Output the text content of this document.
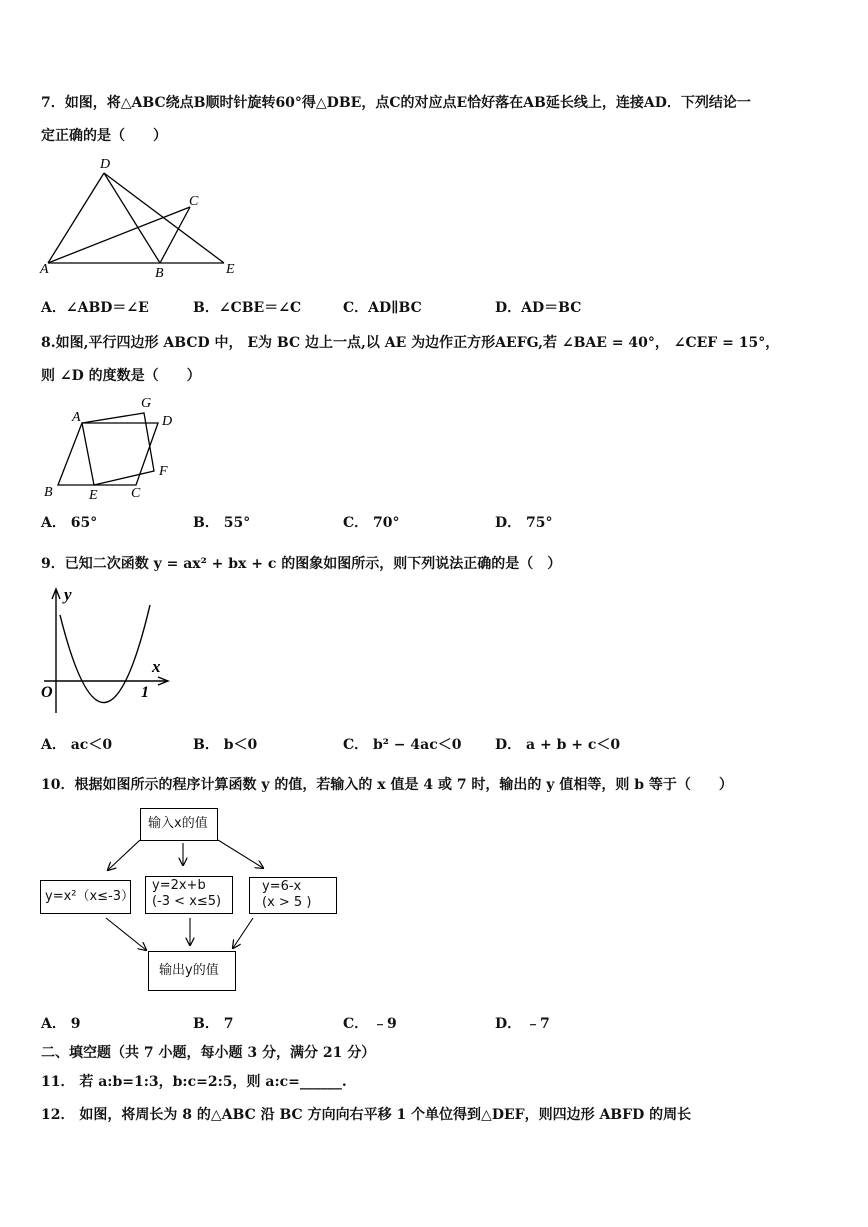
7．如图，将△ABC绕点B顺时针旋转60°得△DBE，点C的对应点E恰好落在AB延长线上，连接AD．下列结论一
定正确的是（　　）
D
C
A	B	E
A．∠ABD＝∠E	B．∠CBE＝∠C	C．AD∥BC	D．AD＝BC
8.如图,平行四边形 ABCD 中， E为 BC 边上一点,以 AE 为边作正方形AEFG,若 ∠BAE = 40°， ∠CEF = 15°，
则 ∠D 的度数是（　　）
A
G
D
F
B	E C
A． 65°	B． 55°	C． 70°	D． 75°
9．已知二次函数 y = ax² + bx + c 的图象如图所示，则下列说法正确的是（　）
y
x
O	1
A． ac＜0	B． b＜0	C． b² − 4ac＜0 D． a + b + c＜0
10．根据如图所示的程序计算函数 y 的值，若输入的 x 值是 4 或 7 时，输出的 y 值相等，则 b 等于（　　）
输入x的值
y=x²（x≤-3）
y=2x+b
(-3 < x≤5)
y=6-x
(x > 5 )
输出y的值
A． 9	B． 7	C． ﹣9	D． ﹣7
二、填空题（共 7 小题，每小题 3 分，满分 21 分）
11． 若 a:b=1:3，b:c=2:5，则 a:c=______.
12． 如图，将周长为 8 的△ABC 沿 BC 方向向右平移 1 个单位得到△DEF，则四边形 ABFD 的周长
